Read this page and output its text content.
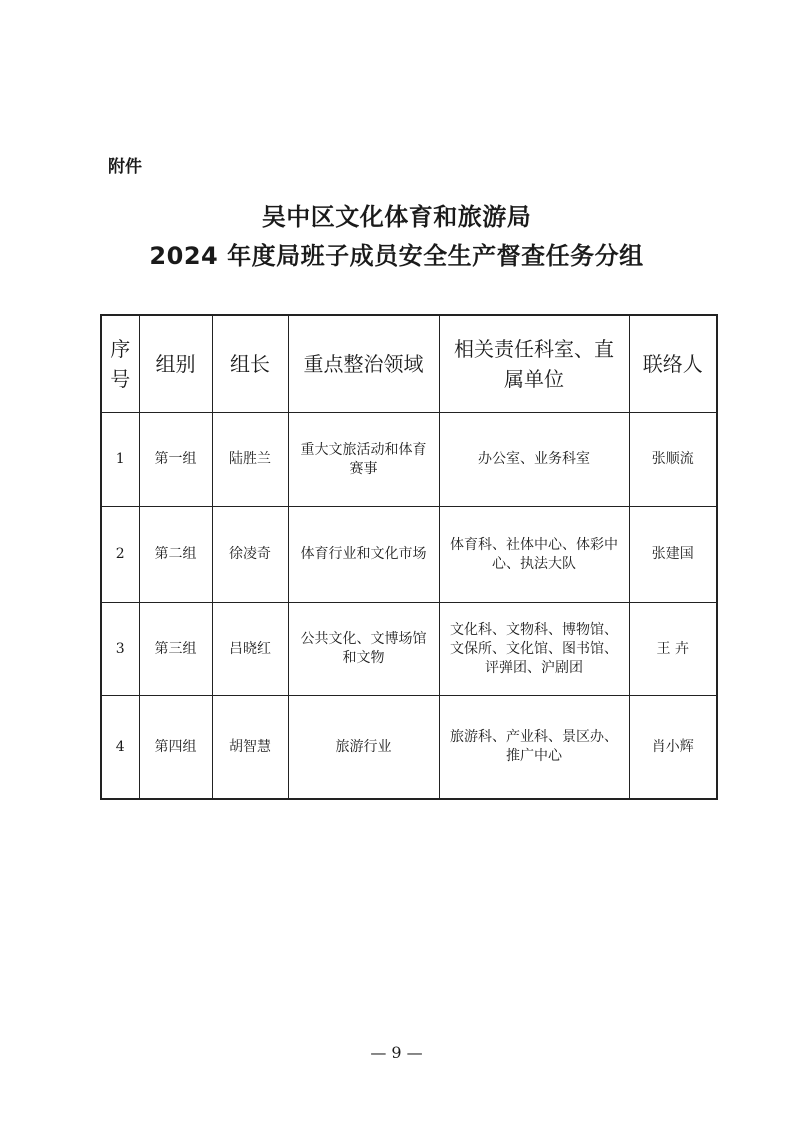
附件
吴中区文化体育和旅游局
2024 年度局班子成员安全生产督查任务分组
序号	组别	组长	重点整治领域	相关责任科室、直属单位	联络人
1	第一组	陆胜兰	重大文旅活动和体育赛事	办公室、业务科室	张顺流
2	第二组	徐凌奇	体育行业和文化市场	体育科、社体中心、体彩中心、执法大队	张建国
3	第三组	吕晓红	公共文化、文博场馆和文物	文化科、文物科、博物馆、文保所、文化馆、图书馆、评弹团、沪剧团	王 卉
4	第四组	胡智慧	旅游行业	旅游科、产业科、景区办、推广中心	肖小辉
— 9 —
